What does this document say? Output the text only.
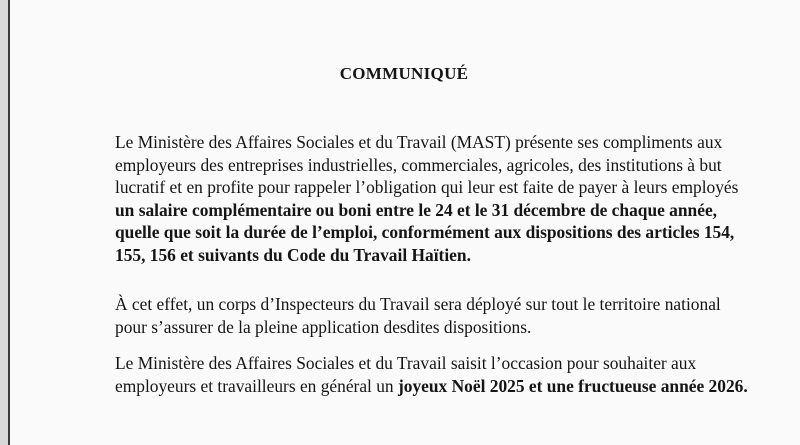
COMMUNIQUÉ

Le Ministère des Affaires Sociales et du Travail (MAST) présente ses compliments aux
employeurs des entreprises industrielles, commerciales, agricoles, des institutions à but
lucratif et en profite pour rappeler l’obligation qui leur est faite de payer à leurs employés
un salaire complémentaire ou boni entre le 24 et le 31 décembre de chaque année,
quelle que soit la durée de l’emploi, conformément aux dispositions des articles 154,
155, 156 et suivants du Code du Travail Haïtien.

À cet effet, un corps d’Inspecteurs du Travail sera déployé sur tout le territoire national
pour s’assurer de la pleine application desdites dispositions.

Le Ministère des Affaires Sociales et du Travail saisit l’occasion pour souhaiter aux
employeurs et travailleurs en général un joyeux Noël 2025 et une fructueuse année 2026.
